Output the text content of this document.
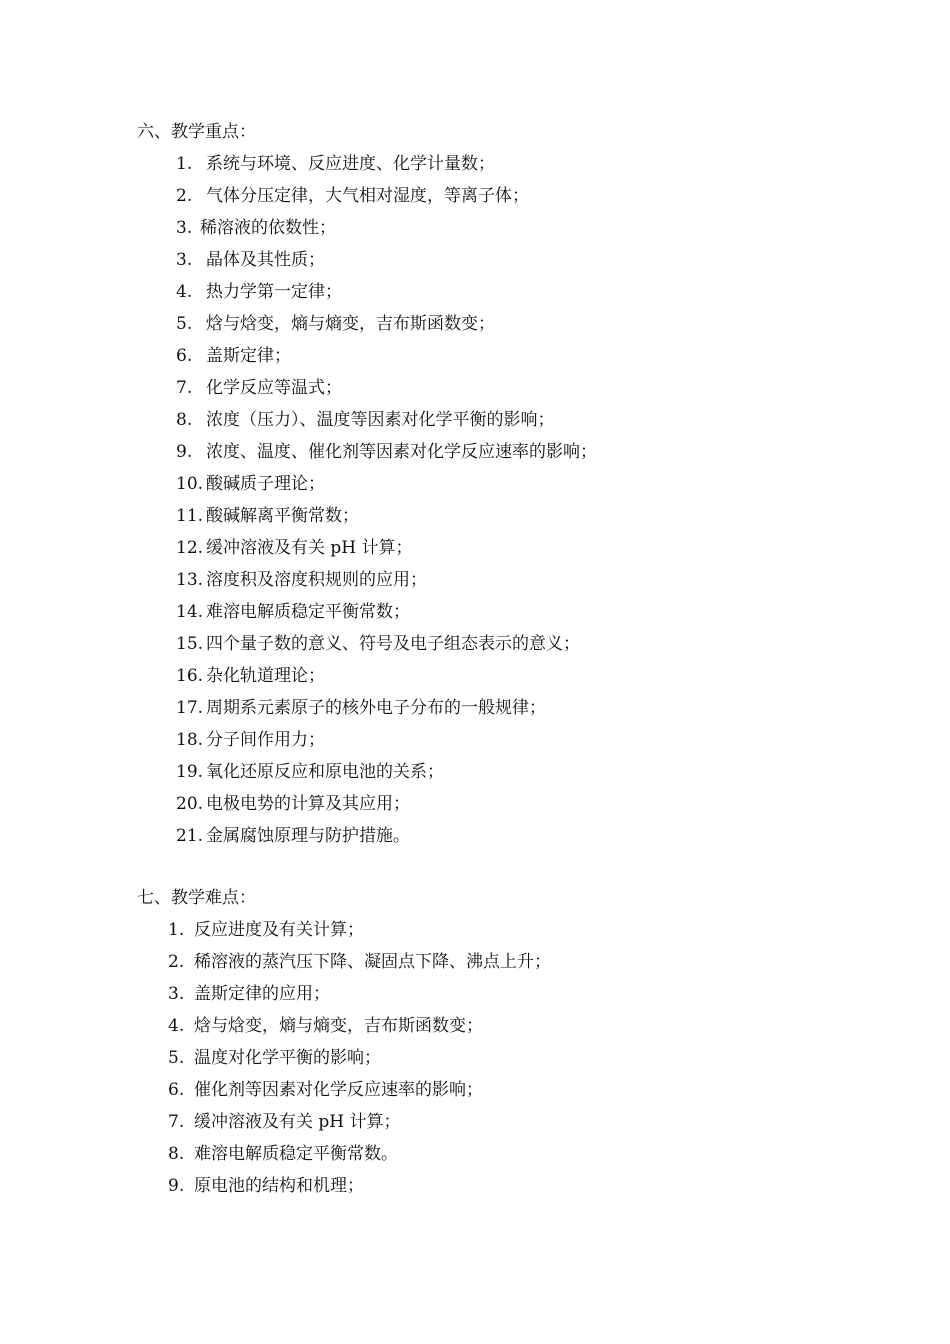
六、教学重点：
1. 系统与环境、反应进度、化学计量数；
2. 气体分压定律，大气相对湿度，等离子体；
3. 稀溶液的依数性；
3. 晶体及其性质；
4. 热力学第一定律；
5. 焓与焓变，熵与熵变，吉布斯函数变；
6. 盖斯定律；
7. 化学反应等温式；
8. 浓度（压力）、温度等因素对化学平衡的影响；
9. 浓度、温度、催化剂等因素对化学反应速率的影响；
10. 酸碱质子理论；
11. 酸碱解离平衡常数；
12. 缓冲溶液及有关 pH 计算；
13. 溶度积及溶度积规则的应用；
14. 难溶电解质稳定平衡常数；
15. 四个量子数的意义、符号及电子组态表示的意义；
16. 杂化轨道理论；
17. 周期系元素原子的核外电子分布的一般规律；
18. 分子间作用力；
19. 氧化还原反应和原电池的关系；
20. 电极电势的计算及其应用；
21. 金属腐蚀原理与防护措施。
七、教学难点：
1. 反应进度及有关计算；
2. 稀溶液的蒸汽压下降、凝固点下降、沸点上升；
3. 盖斯定律的应用；
4. 焓与焓变，熵与熵变，吉布斯函数变；
5. 温度对化学平衡的影响；
6. 催化剂等因素对化学反应速率的影响；
7. 缓冲溶液及有关 pH 计算；
8. 难溶电解质稳定平衡常数。
9. 原电池的结构和机理；
